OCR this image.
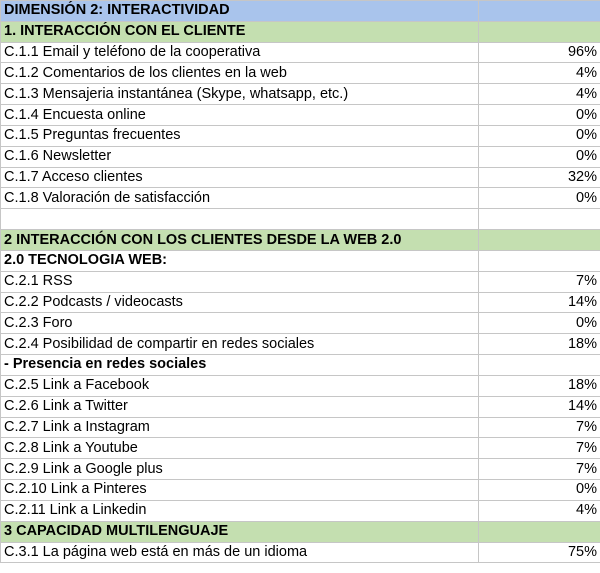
DIMENSIÓN 2: INTERACTIVIDAD	
1. INTERACCIÓN CON EL CLIENTE	
C.1.1 Email y teléfono de la cooperativa	96%
C.1.2 Comentarios de los clientes en la web	4%
C.1.3 Mensajeria instantánea (Skype, whatsapp, etc.)	4%
C.1.4 Encuesta online	0%
C.1.5 Preguntas frecuentes	0%
C.1.6 Newsletter	0%
C.1.7 Acceso clientes	32%
C.1.8 Valoración de satisfacción	0%

2 INTERACCIÓN CON LOS CLIENTES DESDE LA WEB 2.0	
2.0 TECNOLOGIA WEB:	
C.2.1 RSS	7%
C.2.2 Podcasts / videocasts	14%
C.2.3 Foro	0%
C.2.4 Posibilidad de compartir en redes sociales	18%
- Presencia en redes sociales	
C.2.5 Link a Facebook	18%
C.2.6 Link a Twitter	14%
C.2.7 Link a Instagram	7%
C.2.8 Link a Youtube	7%
C.2.9 Link a Google plus	7%
C.2.10 Link a Pinteres	0%
C.2.11 Link a Linkedin	4%
3 CAPACIDAD MULTILENGUAJE	
C.3.1 La página web está en más de un idioma	75%
